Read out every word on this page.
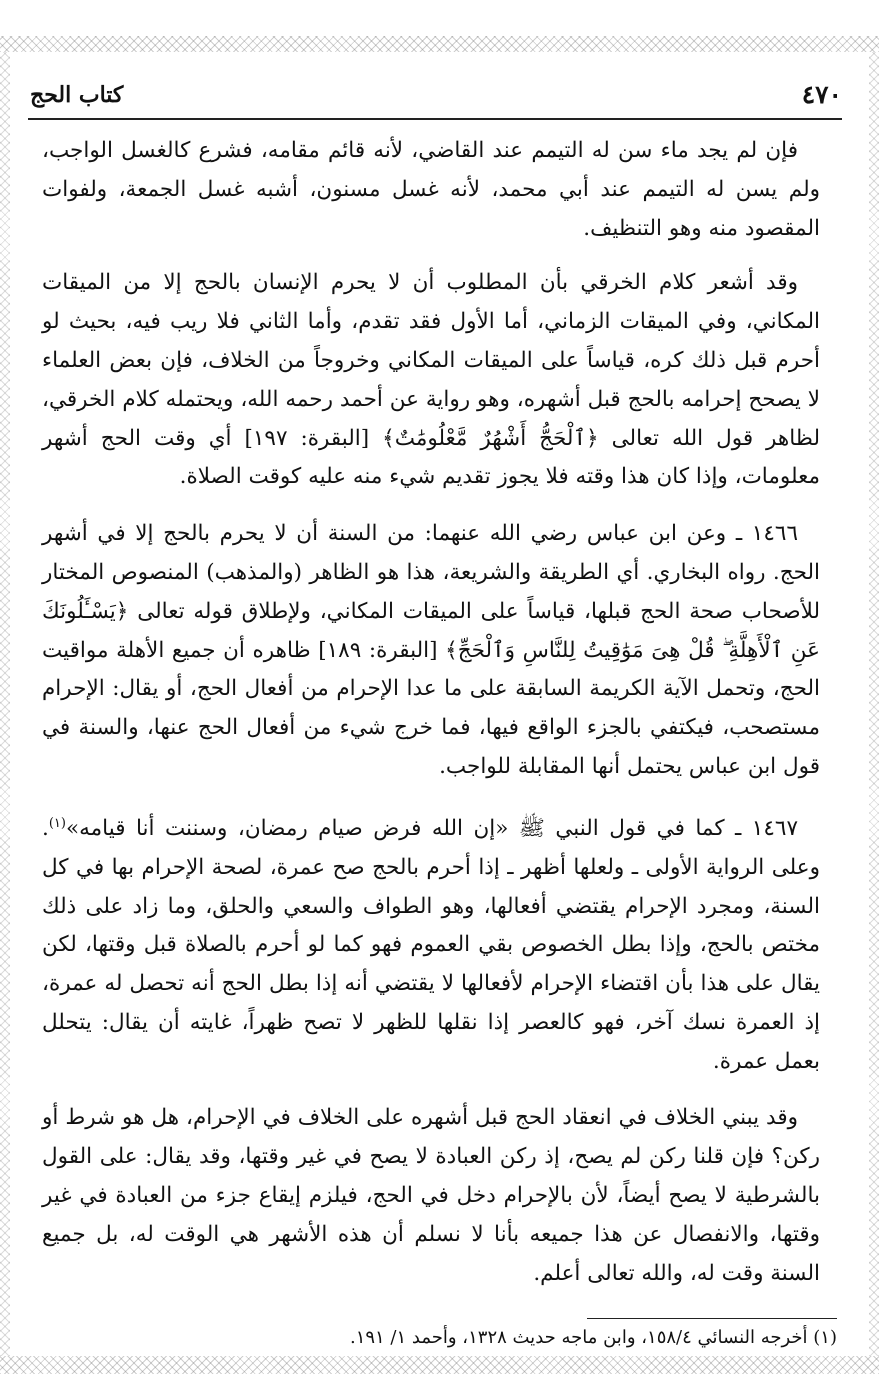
٤٧٠
كتاب الحج

فإن لم يجد ماء سن له التيمم عند القاضي، لأنه قائم مقامه، فشرع كالغسل الواجب، ولم يسن له التيمم عند أبي محمد، لأنه غسل مسنون، أشبه غسل الجمعة، ولفوات المقصود منه وهو التنظيف.

وقد أشعر كلام الخرقي بأن المطلوب أن لا يحرم الإنسان بالحج إلا من الميقات المكاني، وفي الميقات الزماني، أما الأول فقد تقدم، وأما الثاني فلا ريب فيه، بحيث لو أحرم قبل ذلك كره، قياساً على الميقات المكاني وخروجاً من الخلاف، فإن بعض العلماء لا يصحح إحرامه بالحج قبل أشهره، وهو رواية عن أحمد رحمه الله، ويحتمله كلام الخرقي، لظاهر قول الله تعالى ﴿ٱلْحَجُّ أَشْهُرٌ مَّعْلُومَٰتٌ﴾ [البقرة: ١٩٧] أي وقت الحج أشهر معلومات، وإذا كان هذا وقته فلا يجوز تقديم شيء منه عليه كوقت الصلاة.

١٤٦٦ ـ وعن ابن عباس رضي الله عنهما: من السنة أن لا يحرم بالحج إلا في أشهر الحج. رواه البخاري. أي الطريقة والشريعة، هذا هو الظاهر (والمذهب) المنصوص المختار للأصحاب صحة الحج قبلها، قياساً على الميقات المكاني، ولإطلاق قوله تعالى ﴿يَسْـَٔلُونَكَ عَنِ ٱلْأَهِلَّةِ ۖ قُلْ هِىَ مَوَٰقِيتُ لِلنَّاسِ وَٱلْحَجِّ﴾ [البقرة: ١٨٩] ظاهره أن جميع الأهلة مواقيت الحج، وتحمل الآية الكريمة السابقة على ما عدا الإحرام من أفعال الحج، أو يقال: الإحرام مستصحب، فيكتفي بالجزء الواقع فيها، فما خرج شيء من أفعال الحج عنها، والسنة في قول ابن عباس يحتمل أنها المقابلة للواجب.

١٤٦٧ ـ كما في قول النبي ﷺ «إن الله فرض صيام رمضان، وسننت أنا قيامه»$^{(١)}$. وعلى الرواية الأولى ـ ولعلها أظهر ـ إذا أحرم بالحج صح عمرة، لصحة الإحرام بها في كل السنة، ومجرد الإحرام يقتضي أفعالها، وهو الطواف والسعي والحلق، وما زاد على ذلك مختص بالحج، وإذا بطل الخصوص بقي العموم فهو كما لو أحرم بالصلاة قبل وقتها، لكن يقال على هذا بأن اقتضاء الإحرام لأفعالها لا يقتضي أنه إذا بطل الحج أنه تحصل له عمرة، إذ العمرة نسك آخر، فهو كالعصر إذا نقلها للظهر لا تصح ظهراً، غايته أن يقال: يتحلل بعمل عمرة.

وقد يبني الخلاف في انعقاد الحج قبل أشهره على الخلاف في الإحرام، هل هو شرط أو ركن؟ فإن قلنا ركن لم يصح، إذ ركن العبادة لا يصح في غير وقتها، وقد يقال: على القول بالشرطية لا يصح أيضاً، لأن بالإحرام دخل في الحج، فيلزم إيقاع جزء من العبادة في غير وقتها، والانفصال عن هذا جميعه بأنا لا نسلم أن هذه الأشهر هي الوقت له، بل جميع السنة وقت له، والله تعالى أعلم.

(١) أخرجه النسائي ١٥٨/٤، وابن ماجه حديث ١٣٢٨، وأحمد ١/ ١٩١.
